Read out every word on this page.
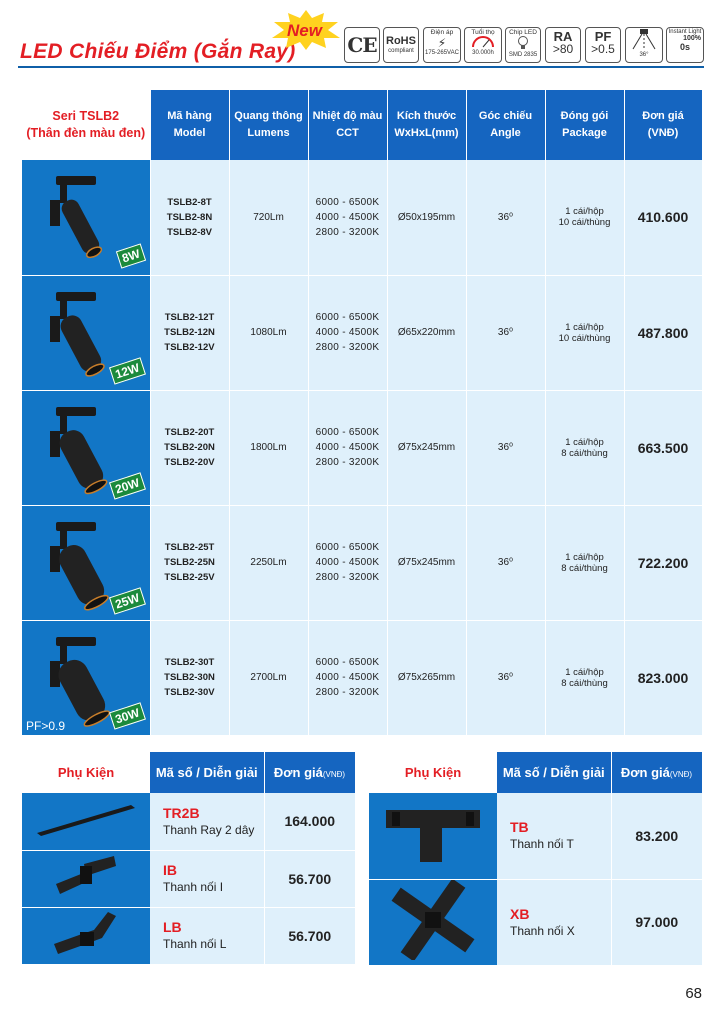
LED Chiếu Điểm (Gắn Ray)
New
CE RoHS
compliant
Điện áp
⚡
175-265VAC
Tuổi thọ
30.000h
Chip LED
SMD 2835
RA
>80
PF
>0.5	36°
Instant Light
100%
0s
Seri TSLB2
(Thân đèn màu đen)	Mã hàng
Model	Quang thông
Lumens	Nhiệt độ màu
CCT	Kích thước
WxHxL(mm)	Góc chiếu
Angle	Đóng gói
Package	Đơn giá
(VNĐ)

8W	TSLB2-8T
TSLB2-8N
TSLB2-8V	720Lm	6000 - 6500K
4000 - 4500K
2800 - 3200K	Ø50x195mm	36⁰	1 cái/hộp
10 cái/thùng	410.600

12W	TSLB2-12T
TSLB2-12N
TSLB2-12V	1080Lm	6000 - 6500K
4000 - 4500K
2800 - 3200K	Ø65x220mm	36⁰	1 cái/hộp
10 cái/thùng	487.800

20W	TSLB2-20T
TSLB2-20N
TSLB2-20V	1800Lm	6000 - 6500K
4000 - 4500K
2800 - 3200K	Ø75x245mm	36⁰	1 cái/hộp
8 cái/thùng	663.500

25W	TSLB2-25T
TSLB2-25N
TSLB2-25V	2250Lm	6000 - 6500K
4000 - 4500K
2800 - 3200K	Ø75x245mm	36⁰	1 cái/hộp
8 cái/thùng	722.200

30W
PF>0.9	TSLB2-30T
TSLB2-30N
TSLB2-30V	2700Lm	6000 - 6500K
4000 - 4500K
2800 - 3200K	Ø75x265mm	36⁰	1 cái/hộp
8 cái/thùng	823.000
Phụ Kiện	Mã số / Diễn giải	Đơn giá(VNĐ)

TR2B
Thanh Ray 2 dây	164.000

IB
Thanh nối I	56.700

LB
Thanh nối L	56.700
Phụ Kiện	Mã số / Diễn giải	Đơn giá(VNĐ)

TB
Thanh nối T	83.200

XB
Thanh nối X	97.000
68
